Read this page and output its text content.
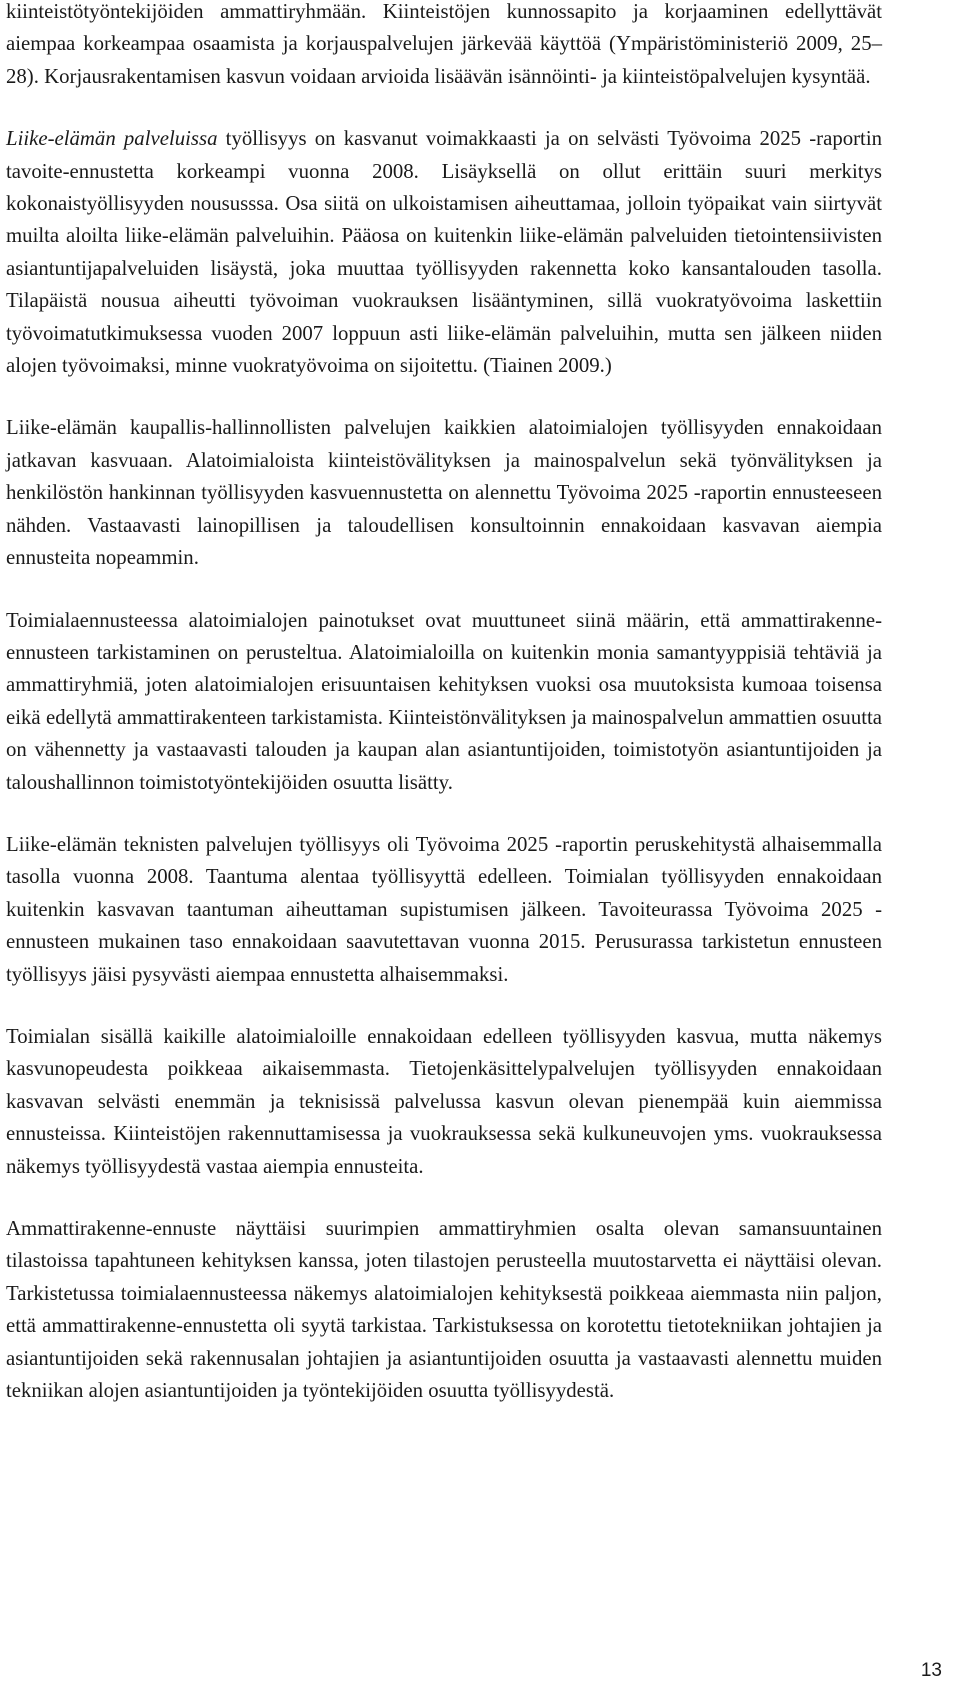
kiinteistötyöntekijöiden ammattiryhmään. Kiinteistöjen kunnossapito ja korjaaminen edellyttävät aiempaa korkeampaa osaamista ja korjauspalvelujen järkevää käyttöä (Ympäristöministeriö 2009, 25–28). Korjausrakentamisen kasvun voidaan arvioida lisäävän isännöinti- ja kiinteistöpalvelujen kysyntää.

Liike-elämän palveluissa työllisyys on kasvanut voimakkaasti ja on selvästi Työvoima 2025 -raportin tavoite-ennustetta korkeampi vuonna 2008. Lisäyksellä on ollut erittäin suuri merkitys kokonaistyöllisyyden noususssa. Osa siitä on ulkoistamisen aiheuttamaa, jolloin työpaikat vain siirtyvät muilta aloilta liike-elämän palveluihin. Pääosa on kuitenkin liike-elämän palveluiden tietointensiivisten asiantuntijapalveluiden lisäystä, joka muuttaa työllisyyden rakennetta koko kansantalouden tasolla. Tilapäistä nousua aiheutti työvoiman vuokrauksen lisääntyminen, sillä vuokratyövoima laskettiin työvoimatutkimuksessa vuoden 2007 loppuun asti liike-elämän palveluihin, mutta sen jälkeen niiden alojen työvoimaksi, minne vuokratyövoima on sijoitettu. (Tiainen 2009.)

Liike-elämän kaupallis-hallinnollisten palvelujen kaikkien alatoimialojen työllisyyden ennakoidaan jatkavan kasvuaan. Alatoimialoista kiinteistövälityksen ja mainospalvelun sekä työnvälityksen ja henkilöstön hankinnan työllisyyden kasvuennustetta on alennettu Työvoima 2025 -raportin ennusteeseen nähden. Vastaavasti lainopillisen ja taloudellisen konsultoinnin ennakoidaan kasvavan aiempia ennusteita nopeammin.

Toimialaennusteessa alatoimialojen painotukset ovat muuttuneet siinä määrin, että ammattirakenne-ennusteen tarkistaminen on perusteltua. Alatoimialoilla on kuitenkin monia samantyyppisiä tehtäviä ja ammattiryhmiä, joten alatoimialojen erisuuntaisen kehityksen vuoksi osa muutoksista kumoaa toisensa eikä edellytä ammattirakenteen tarkistamista. Kiinteistönvälityksen ja mainospalvelun ammattien osuutta on vähennetty ja vastaavasti talouden ja kaupan alan asiantuntijoiden, toimistotyön asiantuntijoiden ja taloushallinnon toimistotyöntekijöiden osuutta lisätty.

Liike-elämän teknisten palvelujen työllisyys oli Työvoima 2025 -raportin peruskehitystä alhaisemmalla tasolla vuonna 2008. Taantuma alentaa työllisyyttä edelleen. Toimialan työllisyyden ennakoidaan kuitenkin kasvavan taantuman aiheuttaman supistumisen jälkeen. Tavoiteurassa Työvoima 2025 -ennusteen mukainen taso ennakoidaan saavutettavan vuonna 2015. Perusurassa tarkistetun ennusteen työllisyys jäisi pysyvästi aiempaa ennustetta alhaisemmaksi.

Toimialan sisällä kaikille alatoimialoille ennakoidaan edelleen työllisyyden kasvua, mutta näkemys kasvunopeudesta poikkeaa aikaisemmasta. Tietojenkäsittelypalvelujen työllisyyden ennakoidaan kasvavan selvästi enemmän ja teknisissä palvelussa kasvun olevan pienempää kuin aiemmissa ennusteissa. Kiinteistöjen rakennuttamisessa ja vuokrauksessa sekä kulkuneuvojen yms. vuokrauksessa näkemys työllisyydestä vastaa aiempia ennusteita.

Ammattirakenne-ennuste näyttäisi suurimpien ammattiryhmien osalta olevan samansuuntainen tilastoissa tapahtuneen kehityksen kanssa, joten tilastojen perusteella muutostarvetta ei näyttäisi olevan. Tarkistetussa toimialaennusteessa näkemys alatoimialojen kehityksestä poikkeaa aiemmasta niin paljon, että ammattirakenne-ennustetta oli syytä tarkistaa. Tarkistuksessa on korotettu tietotekniikan johtajien ja asiantuntijoiden sekä rakennusalan johtajien ja asiantuntijoiden osuutta ja vastaavasti alennettu muiden tekniikan alojen asiantuntijoiden ja työntekijöiden osuutta työllisyydestä.

13
